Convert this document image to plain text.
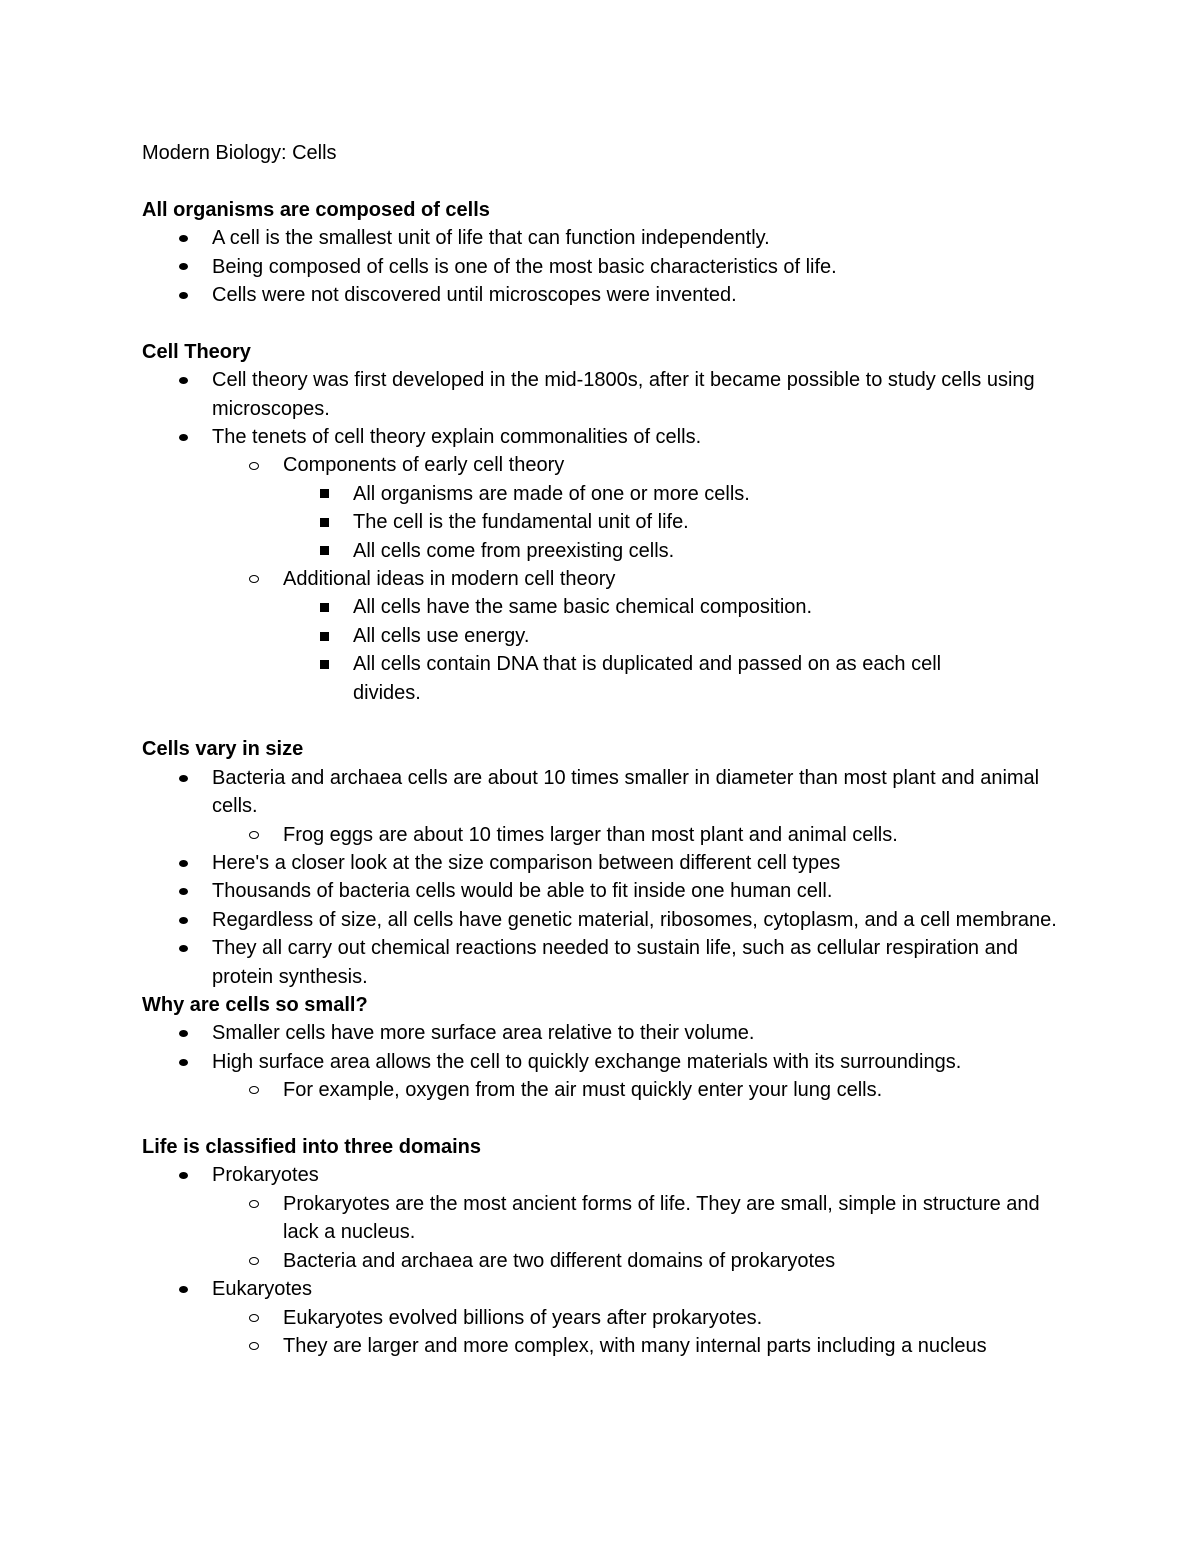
Modern Biology: Cells
All organisms are composed of cells
A cell is the smallest unit of life that can function independently.
Being composed of cells is one of the most basic characteristics of life.
Cells were not discovered until microscopes were invented.
Cell Theory
Cell theory was first developed in the mid-1800s, after it became possible to study cells using microscopes.
The tenets of cell theory explain commonalities of cells.
Components of early cell theory
All organisms are made of one or more cells.
The cell is the fundamental unit of life.
All cells come from preexisting cells.
Additional ideas in modern cell theory
All cells have the same basic chemical composition.
All cells use energy.
All cells contain DNA that is duplicated and passed on as each cell divides.
Cells vary in size
Bacteria and archaea cells are about 10 times smaller in diameter than most plant and animal cells.
Frog eggs are about 10 times larger than most plant and animal cells.
Here's a closer look at the size comparison between different cell types
Thousands of bacteria cells would be able to fit inside one human cell.
Regardless of size, all cells have genetic material, ribosomes, cytoplasm, and a cell membrane.
They all carry out chemical reactions needed to sustain life, such as cellular respiration and protein synthesis.
Why are cells so small?
Smaller cells have more surface area relative to their volume.
High surface area allows the cell to quickly exchange materials with its surroundings.
For example, oxygen from the air must quickly enter your lung cells.
Life is classified into three domains
Prokaryotes
Prokaryotes are the most ancient forms of life. They are small, simple in structure and lack a nucleus.
Bacteria and archaea are two different domains of prokaryotes
Eukaryotes
Eukaryotes evolved billions of years after prokaryotes.
They are larger and more complex, with many internal parts including a nucleus
